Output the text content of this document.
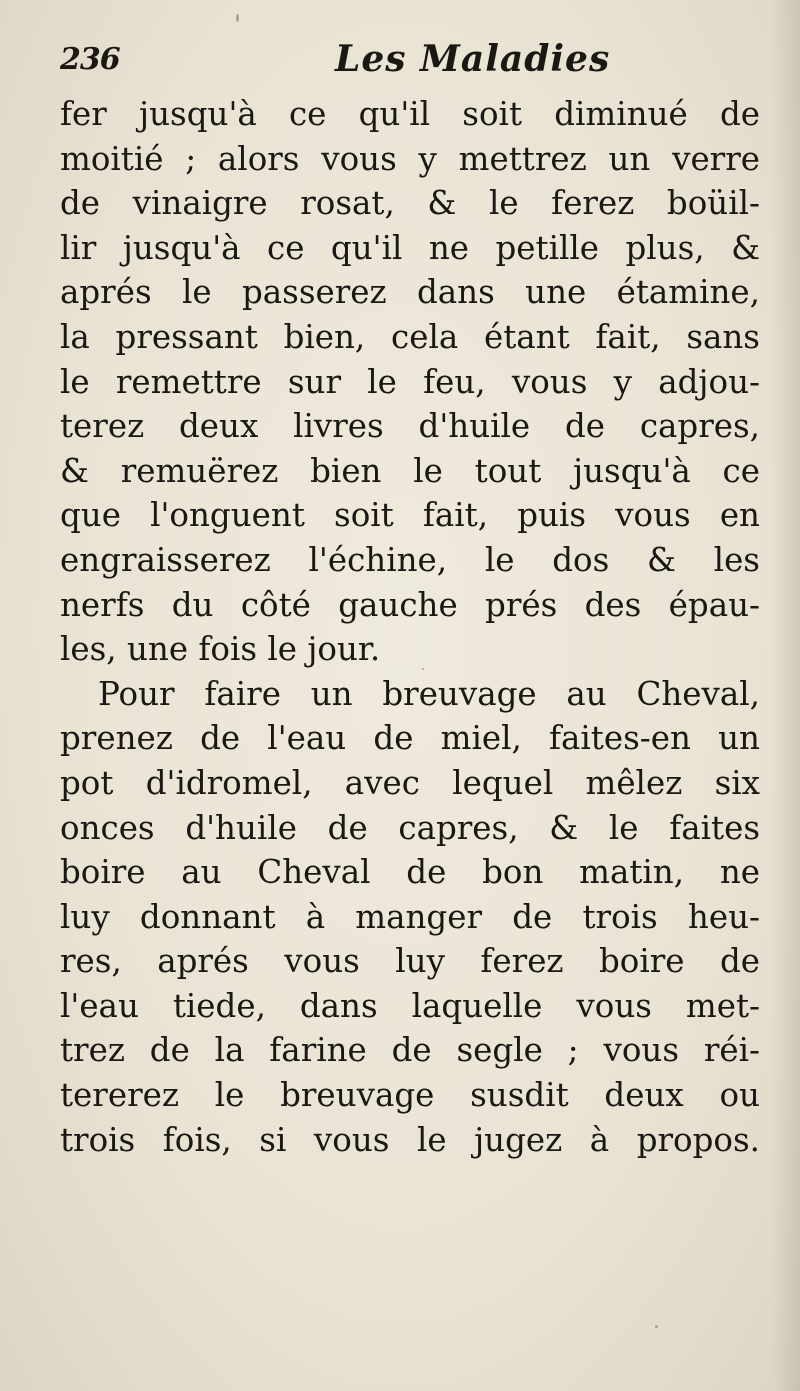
236	Les Maladies
fer jusqu'à ce qu'il soit diminué de
moitié ; alors vous y mettrez un verre
de vinaigre rosat, & le ferez boüil-
lir jusqu'à ce qu'il ne petille plus, &
aprés le passerez dans une étamine,
la pressant bien, cela étant fait, sans
le remettre sur le feu, vous y adjou-
terez deux livres d'huile de capres,
& remuërez bien le tout jusqu'à ce
que l'onguent soit fait, puis vous en
engraisserez l'échine, le dos & les
nerfs du côté gauche prés des épau-
les, une fois le jour.
Pour faire un breuvage au Cheval,
prenez de l'eau de miel, faites-en un
pot d'idromel, avec lequel mêlez six
onces d'huile de capres, & le faites
boire au Cheval de bon matin, ne
luy donnant à manger de trois heu-
res, aprés vous luy ferez boire de
l'eau tiede, dans laquelle vous met-
trez de la farine de segle ; vous réi-
tererez le breuvage susdit deux ou
trois fois, si vous le jugez à propos.
